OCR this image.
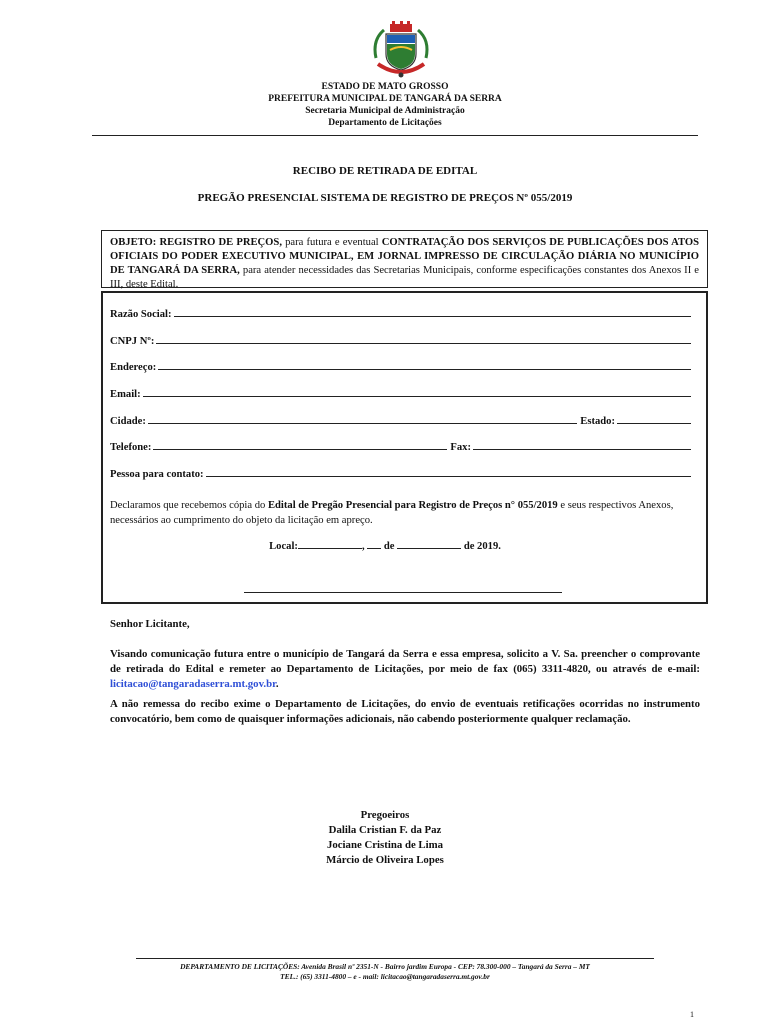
ESTADO DE MATO GROSSO
PREFEITURA MUNICIPAL DE TANGARÁ DA SERRA
Secretaria Municipal de Administração
Departamento de Licitações
RECIBO DE RETIRADA DE EDITAL
PREGÃO PRESENCIAL SISTEMA DE REGISTRO DE PREÇOS Nº 055/2019
OBJETO: REGISTRO DE PREÇOS, para futura e eventual CONTRATAÇÃO DOS SERVIÇOS DE PUBLICAÇÕES DOS ATOS OFICIAIS DO PODER EXECUTIVO MUNICIPAL, EM JORNAL IMPRESSO DE CIRCULAÇÃO DIÁRIA NO MUNICÍPIO DE TANGARÁ DA SERRA, para atender necessidades das Secretarias Municipais, conforme especificações constantes dos Anexos II e III, deste Edital.
Razão Social:
CNPJ Nº:
Endereço:
Email:
Cidade:	Estado:
Telefone:	Fax:
Pessoa para contato:
Declaramos que recebemos cópia do Edital de Pregão Presencial para Registro de Preços n° 055/2019 e seus respectivos Anexos, necessários ao cumprimento do objeto da licitação em apreço.
Local:	, de	de 2019.
Senhor Licitante,
Visando comunicação futura entre o município de Tangará da Serra e essa empresa, solicito a V. Sa. preencher o comprovante de retirada do Edital e remeter ao Departamento de Licitações, por meio de fax (065) 3311-4820, ou através de e-mail: licitacao@tangaradaserra.mt.gov.br.
A não remessa do recibo exime o Departamento de Licitações, do envio de eventuais retificações ocorridas no instrumento convocatório, bem como de quaisquer informações adicionais, não cabendo posteriormente qualquer reclamação.
Pregoeiros
Dalila Cristian F. da Paz
Jociane Cristina de Lima
Márcio de Oliveira Lopes
DEPARTAMENTO DE LICITAÇÕES: Avenida Brasil nº 2351-N - Bairro jardim Europa - CEP: 78.300-000 – Tangará da Serra – MT
TEL.: (65) 3311-4800 – e - mail: licitacao@tangaradaserra.mt.gov.br
1
